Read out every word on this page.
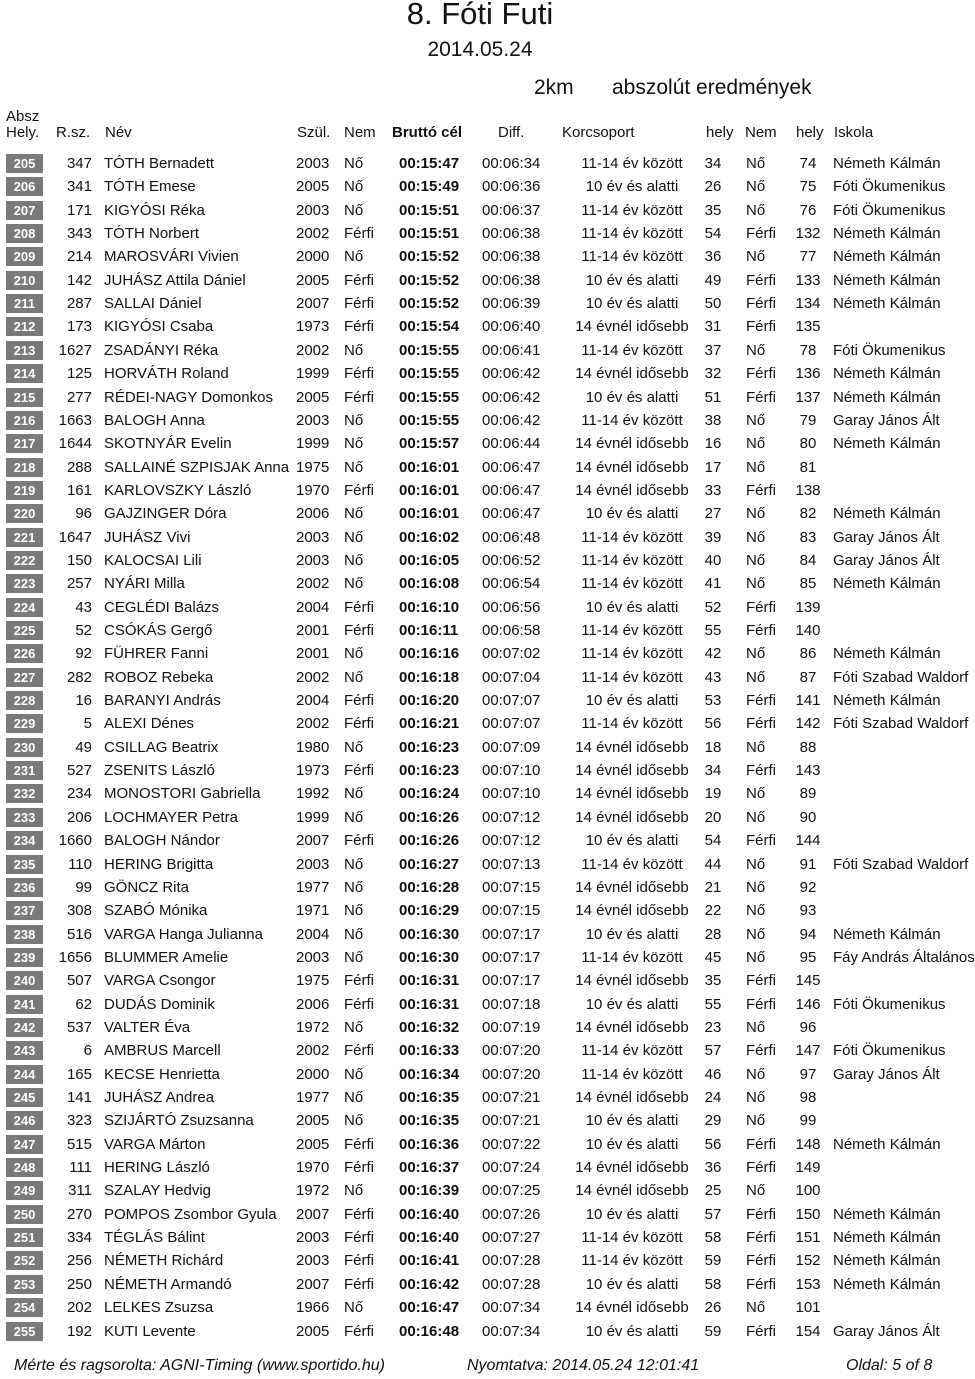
8. Fóti Futi
2014.05.24
2km abszolút eredmények
Absz
Hely. R.sz. Név	Szül. Nem Bruttó cél Diff.	Korcsoport	hely Nem hely Iskola
205	347 TÓTH Bernadett	2003 Nő 00:15:47 00:06:34	11-14 év között	34	Nő	74	Németh Kálmán
206	341 TÓTH Emese	2005 Nő 00:15:49 00:06:36	10 év és alatti	26	Nő	75	Fóti Ökumenikus
207	171 KIGYÓSI Réka	2003 Nő 00:15:51 00:06:37	11-14 év között	35	Nő	76	Fóti Ökumenikus
208	343 TÓTH Norbert	2002 Férfi 00:15:51 00:06:38	11-14 év között	54	Férfi 132 Németh Kálmán
209	214 MAROSVÁRI Vivien	2000 Nő 00:15:52 00:06:38	11-14 év között	36	Nő	77	Németh Kálmán
210	142 JUHÁSZ Attila Dániel	2005 Férfi 00:15:52 00:06:38	10 év és alatti	49	Férfi 133 Németh Kálmán
211	287 SALLAI Dániel	2007 Férfi 00:15:52 00:06:39	10 év és alatti	50	Férfi 134 Németh Kálmán
212	173 KIGYÓSI Csaba	1973 Férfi 00:15:54 00:06:40	14 évnél idősebb	31	Férfi 135
213	1627 ZSADÁNYI Réka	2002 Nő 00:15:55 00:06:41	11-14 év között	37	Nő	78	Fóti Ökumenikus
214	125 HORVÁTH Roland	1999 Férfi 00:15:55 00:06:42	14 évnél idősebb	32	Férfi 136 Németh Kálmán
215	277 RÉDEI-NAGY Domonkos	2005 Férfi 00:15:55 00:06:42	10 év és alatti	51	Férfi 137 Németh Kálmán
216	1663 BALOGH Anna	2003 Nő 00:15:55 00:06:42	11-14 év között	38	Nő	79	Garay János Ált
217	1644 SKOTNYÁR Evelin	1999 Nő 00:15:57 00:06:44	14 évnél idősebb	16	Nő	80	Németh Kálmán
218	288 SALLAINÉ SZPISJAK Anna 1975 Nő 00:16:01 00:06:47	14 évnél idősebb	17	Nő	81
219	161 KARLOVSZKY László	1970 Férfi 00:16:01 00:06:47	14 évnél idősebb	33	Férfi 138
220	96 GAJZINGER Dóra	2006 Nő 00:16:01 00:06:47	10 év és alatti	27	Nő	82	Németh Kálmán
221	1647 JUHÁSZ Vivi	2003 Nő 00:16:02 00:06:48	11-14 év között	39	Nő	83	Garay János Ált
222	150 KALOCSAI Lili	2003 Nő 00:16:05 00:06:52	11-14 év között	40	Nő	84	Garay János Ált
223	257 NYÁRI Milla	2002 Nő 00:16:08 00:06:54	11-14 év között	41	Nő	85	Németh Kálmán
224	43 CEGLÉDI Balázs	2004 Férfi 00:16:10 00:06:56	10 év és alatti	52	Férfi 139
225	52 CSÓKÁS Gergő	2001 Férfi 00:16:11 00:06:58	11-14 év között	55	Férfi 140
226	92 FÜHRER Fanni	2001 Nő 00:16:16 00:07:02	11-14 év között	42	Nő	86	Németh Kálmán
227	282 ROBOZ Rebeka	2002 Nő 00:16:18 00:07:04	11-14 év között	43	Nő	87	Fóti Szabad Waldorf
228	16 BARANYI András	2004 Férfi 00:16:20 00:07:07	10 év és alatti	53	Férfi 141 Németh Kálmán
229	5 ALEXI Dénes	2002 Férfi 00:16:21 00:07:07	11-14 év között	56	Férfi 142 Fóti Szabad Waldorf
230	49 CSILLAG Beatrix	1980 Nő 00:16:23 00:07:09	14 évnél idősebb	18	Nő	88
231	527 ZSENITS László	1973 Férfi 00:16:23 00:07:10	14 évnél idősebb	34	Férfi 143
232	234 MONOSTORI Gabriella	1992 Nő 00:16:24 00:07:10	14 évnél idősebb	19	Nő	89
233	206 LOCHMAYER Petra	1999 Nő 00:16:26 00:07:12	14 évnél idősebb	20	Nő	90
234	1660 BALOGH Nándor	2007 Férfi 00:16:26 00:07:12	10 év és alatti	54	Férfi 144
235	110 HERING Brigitta	2003 Nő 00:16:27 00:07:13	11-14 év között	44	Nő	91	Fóti Szabad Waldorf
236	99 GÖNCZ Rita	1977 Nő 00:16:28 00:07:15	14 évnél idősebb	21	Nő	92
237	308 SZABÓ Mónika	1971 Nő 00:16:29 00:07:15	14 évnél idősebb	22	Nő	93
238	516 VARGA Hanga Julianna	2004 Nő 00:16:30 00:07:17	10 év és alatti	28	Nő	94	Németh Kálmán
239	1656 BLUMMER Amelie	2003 Nő 00:16:30 00:07:17	11-14 év között	45	Nő	95	Fáy András Általános
240	507 VARGA Csongor	1975 Férfi 00:16:31 00:07:17	14 évnél idősebb	35	Férfi 145
241	62 DUDÁS Dominik	2006 Férfi 00:16:31 00:07:18	10 év és alatti	55	Férfi 146 Fóti Ökumenikus
242	537 VALTER Éva	1972 Nő 00:16:32 00:07:19	14 évnél idősebb	23	Nő	96
243	6 AMBRUS Marcell	2002 Férfi 00:16:33 00:07:20	11-14 év között	57	Férfi 147 Fóti Ökumenikus
244	165 KECSE Henrietta	2000 Nő 00:16:34 00:07:20	11-14 év között	46	Nő	97	Garay János Ált
245	141 JUHÁSZ Andrea	1977 Nő 00:16:35 00:07:21	14 évnél idősebb	24	Nő	98
246	323 SZIJÁRTÓ Zsuzsanna	2005 Nő 00:16:35 00:07:21	10 év és alatti	29	Nő	99
247	515 VARGA Márton	2005 Férfi 00:16:36 00:07:22	10 év és alatti	56	Férfi 148 Németh Kálmán
248	111 HERING László	1970 Férfi 00:16:37 00:07:24	14 évnél idősebb	36	Férfi 149
249	311 SZALAY Hedvig	1972 Nő 00:16:39 00:07:25	14 évnél idősebb	25	Nő 100
250	270 POMPOS Zsombor Gyula	2007 Férfi 00:16:40 00:07:26	10 év és alatti	57	Férfi 150 Németh Kálmán
251	334 TÉGLÁS Bálint	2003 Férfi 00:16:40 00:07:27	11-14 év között	58	Férfi 151 Németh Kálmán
252	256 NÉMETH Richárd	2003 Férfi 00:16:41 00:07:28	11-14 év között	59	Férfi 152 Németh Kálmán
253	250 NÉMETH Armandó	2007 Férfi 00:16:42 00:07:28	10 év és alatti	58	Férfi 153 Németh Kálmán
254	202 LELKES Zsuzsa	1966 Nő 00:16:47 00:07:34	14 évnél idősebb	26	Nő 101
255	192 KUTI Levente	2005 Férfi 00:16:48 00:07:34	10 év és alatti	59	Férfi 154 Garay János Ált
Mérte és ragsorolta: AGNI-Timing (www.sportido.hu)	Nyomtatva: 2014.05.24 12:01:41	Oldal: 5 of 8
